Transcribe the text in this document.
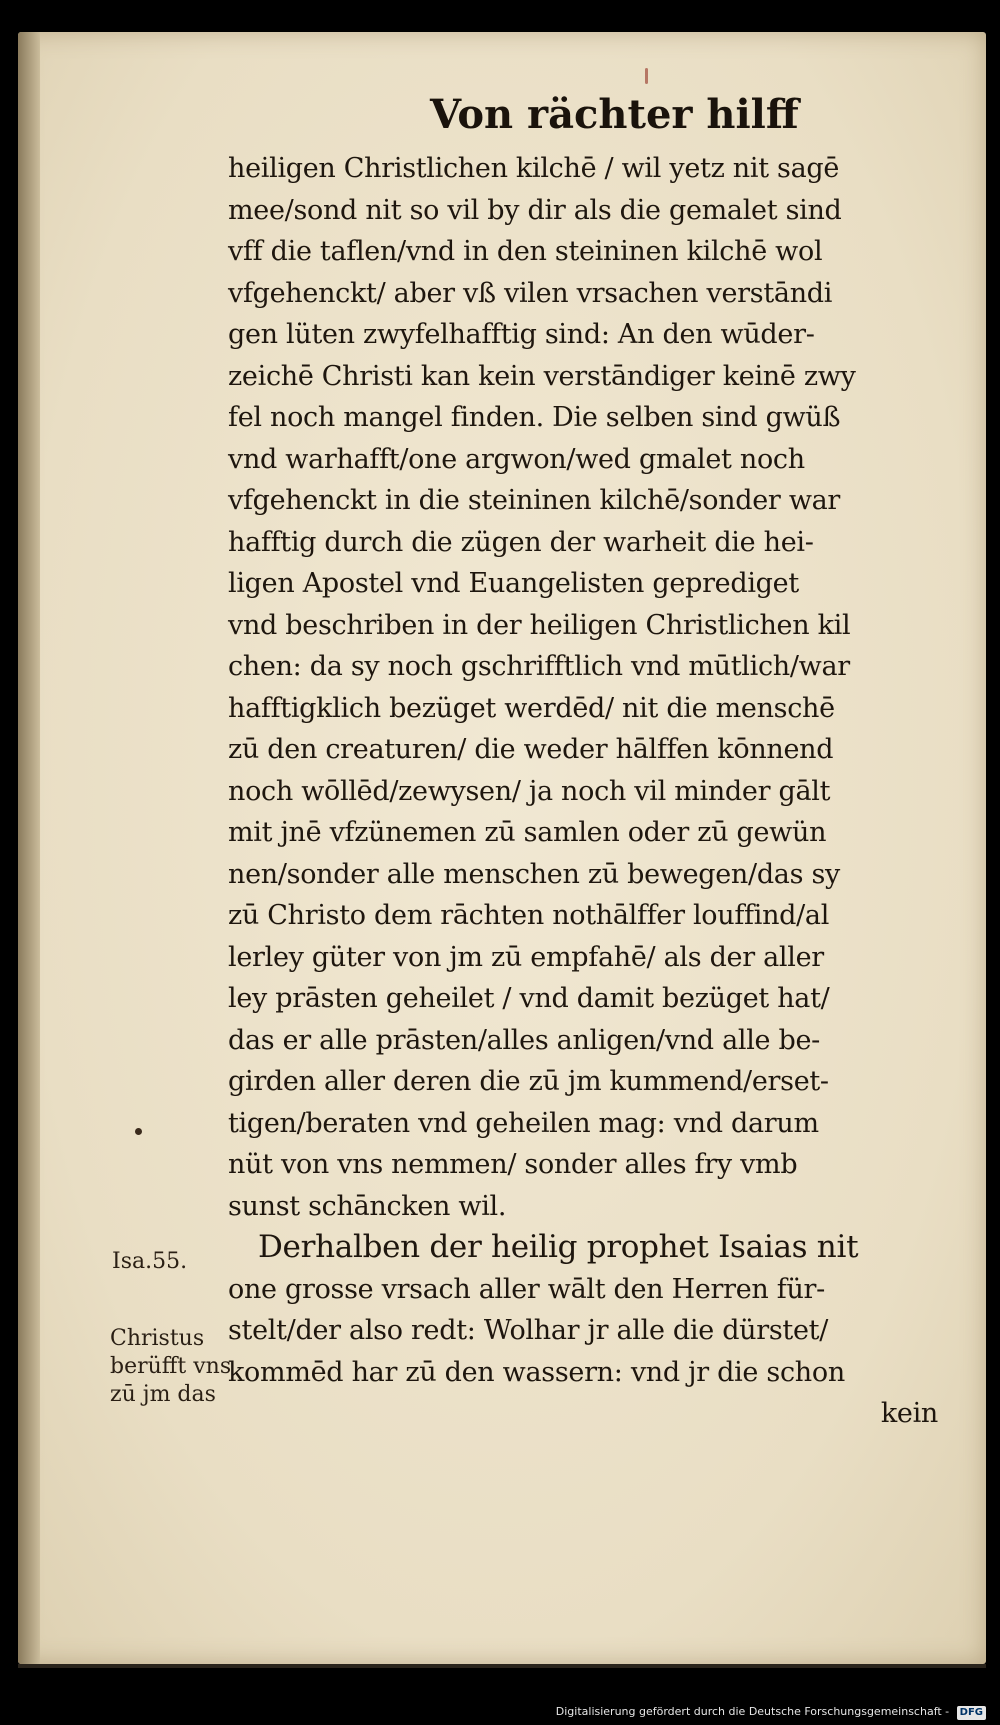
Von rächter hilff
heiligen Christlichen kilchē / wil yetz nit sagē
mee/sond nit so vil by dir als die gemalet sind
vff die taflen/vnd in den steininen kilchē wol
vfgehenckt/ aber vß vilen vrsachen verstāndi
gen lüten zwyfelhafftig sind: An den wūder-
zeichē Christi kan kein verstāndiger keinē zwy
fel noch mangel finden. Die selben sind gwüß
vnd warhafft/one argwon/wed gmalet noch
vfgehenckt in die steininen kilchē/sonder war
hafftig durch die zügen der warheit die hei-
ligen Apostel vnd Euangelisten geprediget
vnd beschriben in der heiligen Christlichen kil
chen: da sy noch gschrifftlich vnd mūtlich/war
hafftigklich bezüget werdēd/ nit die menschē
zū den creaturen/ die weder hālffen kōnnend
noch wōllēd/zewysen/ ja noch vil minder gālt
mit jnē vfzünemen zū samlen oder zū gewün
nen/sonder alle menschen zū bewegen/das sy
zū Christo dem rāchten nothālffer louffind/al
lerley güter von jm zū empfahē/ als der aller
ley prāsten geheilet / vnd damit bezüget hat/
das er alle prāsten/alles anligen/vnd alle be-
girden aller deren die zū jm kummend/erset-
tigen/beraten vnd geheilen mag: vnd darum
nüt von vns nemmen/ sonder alles fry vmb
sunst schāncken wil.
Derhalben der heilig prophet Isaias nit
one grosse vrsach aller wālt den Herren für-
stelt/der also redt: Wolhar jr alle die dürstet/
kommēd har zū den wassern: vnd jr die schon
kein
Isa.55.
Christus
berüfft vns
zū jm das
Digitalisierung gefördert durch die Deutsche Forschungsgemeinschaft - DFG
